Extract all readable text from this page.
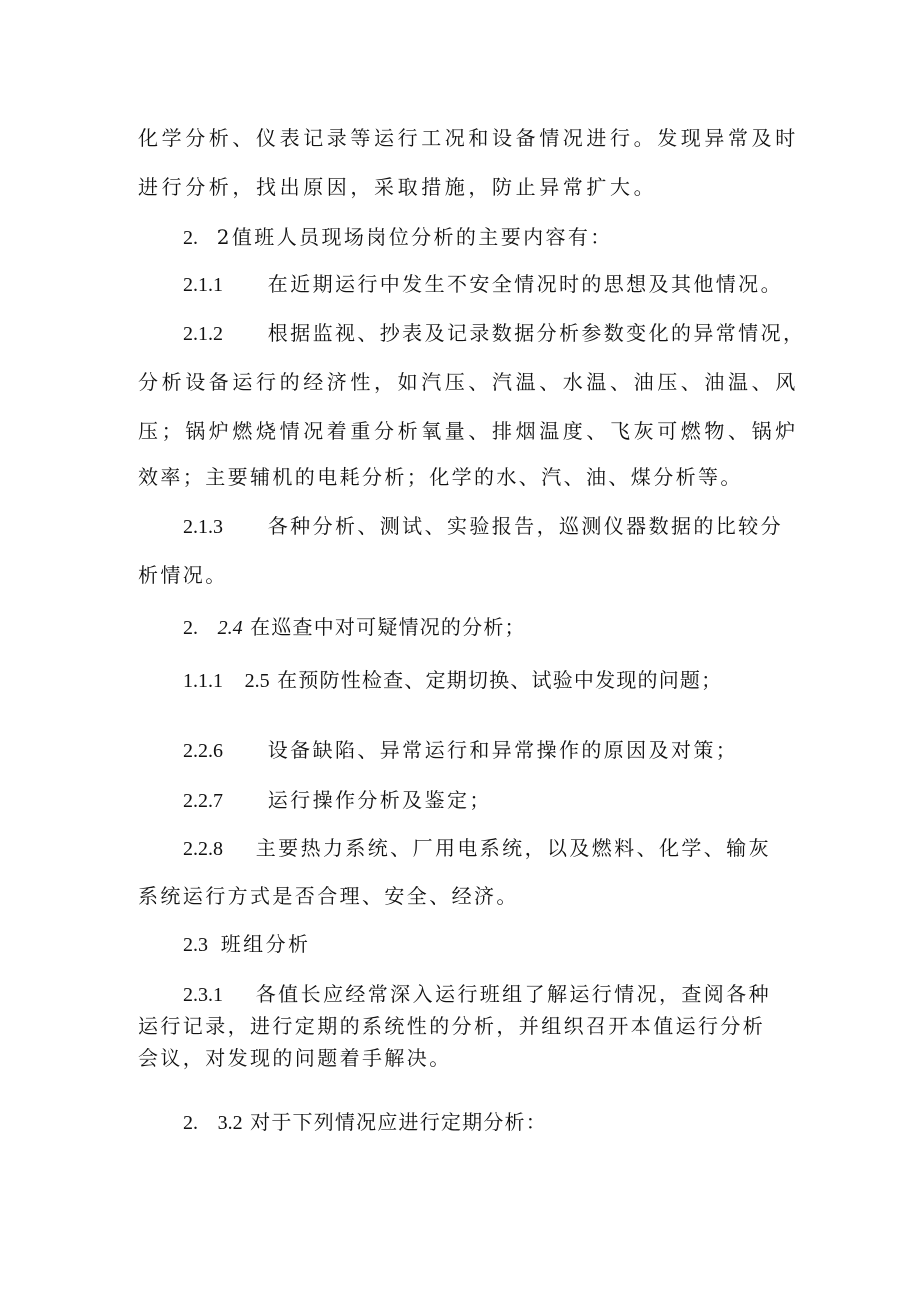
化学分析、仪表记录等运行工况和设备情况进行。发现异常及时
进行分析，找出原因，采取措施，防止异常扩大。
2. 2值班人员现场岗位分析的主要内容有：
2.1.1 在近期运行中发生不安全情况时的思想及其他情况。
2.1.2 根据监视、抄表及记录数据分析参数变化的异常情况，
分析设备运行的经济性，如汽压、汽温、水温、油压、油温、风
压；锅炉燃烧情况着重分析氧量、排烟温度、飞灰可燃物、锅炉
效率；主要辅机的电耗分析；化学的水、汽、油、煤分析等。
2.1.3 各种分析、测试、实验报告，巡测仪器数据的比较分
析情况。
2. 2.4 在巡查中对可疑情况的分析；
1.1.1 2.5 在预防性检查、定期切换、试验中发现的问题；
2.2.6 设备缺陷、异常运行和异常操作的原因及对策；
2.2.7 运行操作分析及鉴定；
2.2.8 主要热力系统、厂用电系统，以及燃料、化学、输灰
系统运行方式是否合理、安全、经济。
2.3 班组分析
2.3.1 各值长应经常深入运行班组了解运行情况，查阅各种
运行记录，进行定期的系统性的分析，并组织召开本值运行分析
会议，对发现的问题着手解决。
2. 3.2 对于下列情况应进行定期分析：
